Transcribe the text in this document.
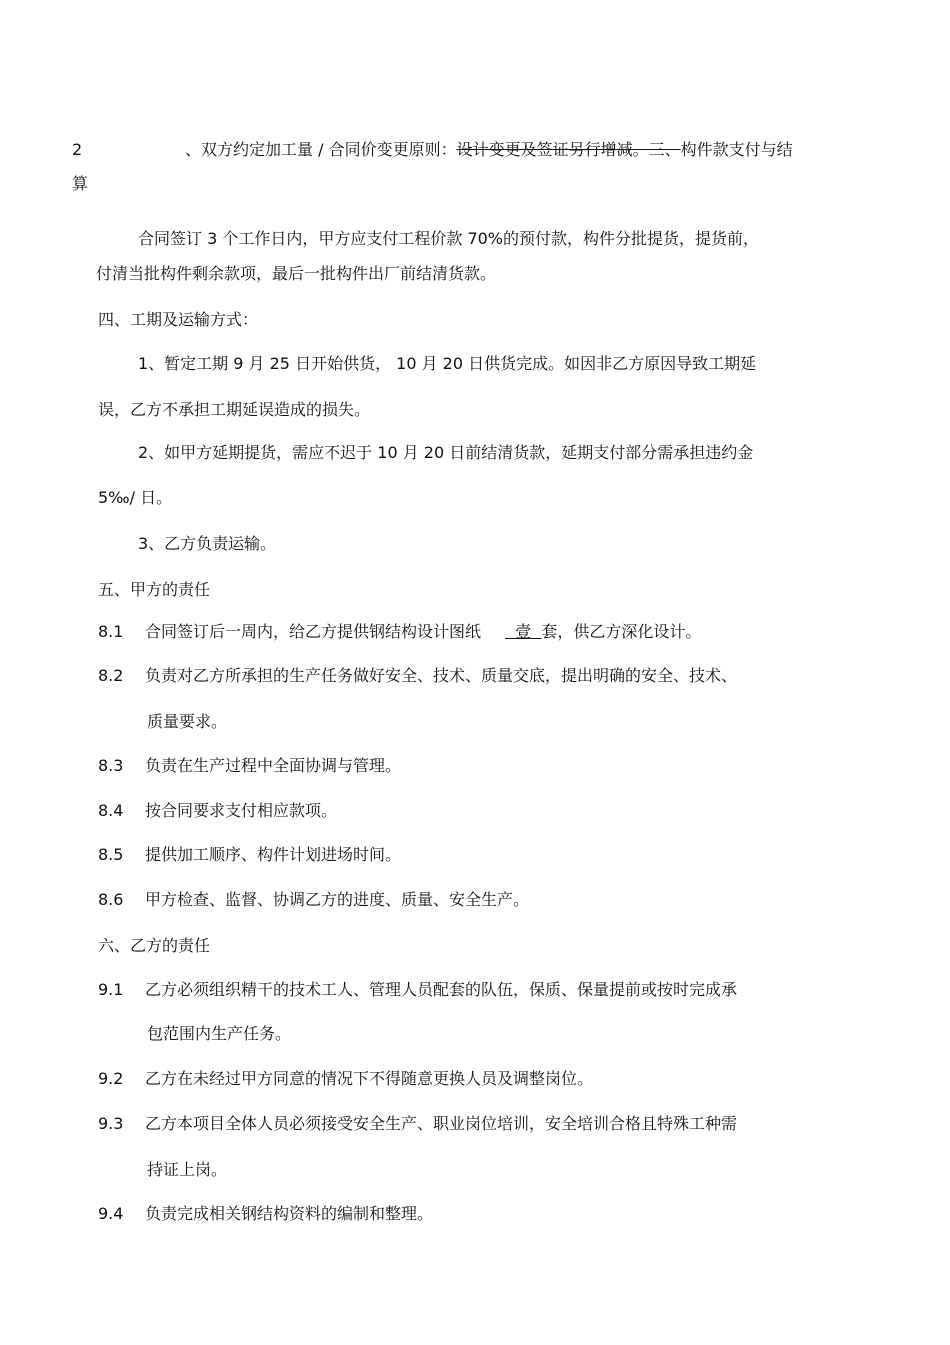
2	、双方约定加工量 / 合同价变更原则：设计变更及签证另行增减。三、构件款支付与结
算
合同签订 3 个工作日内，甲方应支付工程价款 70%的预付款，构件分批提货，提货前，
付清当批构件剩余款项，最后一批构件出厂前结清货款。
四、工期及运输方式：
1、暂定工期 9 月 25 日开始供货， 10 月 20 日供货完成。如因非乙方原因导致工期延
误，乙方不承担工期延误造成的损失。
2、如甲方延期提货，需应不迟于 10 月 20 日前结清货款，延期支付部分需承担违约金
5‰/ 日。
3、乙方负责运输。
五、甲方的责任
8.1 合同签订后一周内，给乙方提供钢结构设计图纸  壹  套，供乙方深化设计。
8.2 负责对乙方所承担的生产任务做好安全、技术、质量交底，提出明确的安全、技术、
质量要求。
8.3 负责在生产过程中全面协调与管理。
8.4 按合同要求支付相应款项。
8.5 提供加工顺序、构件计划进场时间。
8.6 甲方检查、监督、协调乙方的进度、质量、安全生产。
六、乙方的责任
9.1 乙方必须组织精干的技术工人、管理人员配套的队伍，保质、保量提前或按时完成承
包范围内生产任务。
9.2 乙方在未经过甲方同意的情况下不得随意更换人员及调整岗位。
9.3 乙方本项目全体人员必须接受安全生产、职业岗位培训，安全培训合格且特殊工种需
持证上岗。
9.4 负责完成相关钢结构资料的编制和整理。
